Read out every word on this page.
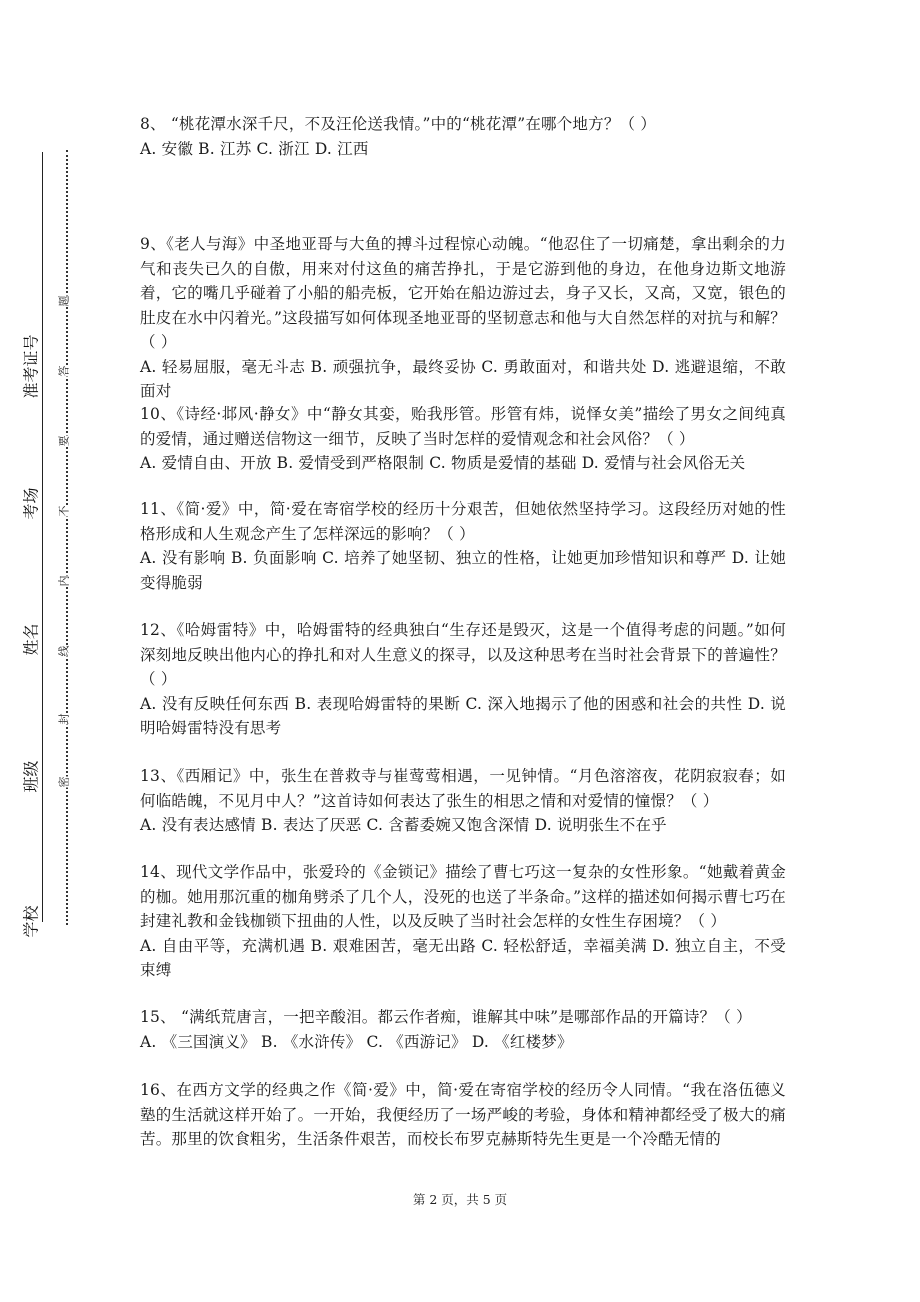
学校
班级
姓名
考场
准考证号
密
封
线
内
不
要
答
题

8、 “桃花潭水深千尺，不及汪伦送我情。”中的“桃花潭”在哪个地方？（ ）

A. 安徽 B. 江苏 C. 浙江 D. 江西

9、《老人与海》中圣地亚哥与大鱼的搏斗过程惊心动魄。“他忍住了一切痛楚，拿出剩余的力气和丧失已久的自傲，用来对付这鱼的痛苦挣扎，于是它游到他的身边，在他身边斯文地游着，它的嘴几乎碰着了小船的船壳板，它开始在船边游过去，身子又长，又高，又宽，银色的肚皮在水中闪着光。”这段描写如何体现圣地亚哥的坚韧意志和他与大自然怎样的对抗与和解？（ ）

A. 轻易屈服，毫无斗志 B. 顽强抗争，最终妥协 C. 勇敢面对，和谐共处 D. 逃避退缩，不敢面对

10、《诗经·邶风·静女》中“静女其娈，贻我彤管。彤管有炜，说怿女美”描绘了男女之间纯真的爱情，通过赠送信物这一细节，反映了当时怎样的爱情观念和社会风俗？（ ）

A. 爱情自由、开放 B. 爱情受到严格限制 C. 物质是爱情的基础 D. 爱情与社会风俗无关

11、《简·爱》中，简·爱在寄宿学校的经历十分艰苦，但她依然坚持学习。这段经历对她的性格形成和人生观念产生了怎样深远的影响？（ ）

A. 没有影响 B. 负面影响 C. 培养了她坚韧、独立的性格，让她更加珍惜知识和尊严 D. 让她变得脆弱

12、《哈姆雷特》中，哈姆雷特的经典独白“生存还是毁灭，这是一个值得考虑的问题。”如何深刻地反映出他内心的挣扎和对人生意义的探寻，以及这种思考在当时社会背景下的普遍性？（ ）

A. 没有反映任何东西 B. 表现哈姆雷特的果断 C. 深入地揭示了他的困惑和社会的共性 D. 说明哈姆雷特没有思考

13、《西厢记》中，张生在普救寺与崔莺莺相遇，一见钟情。“月色溶溶夜，花阴寂寂春；如何临皓魄，不见月中人？”这首诗如何表达了张生的相思之情和对爱情的憧憬？（ ）

A. 没有表达感情 B. 表达了厌恶 C. 含蓄委婉又饱含深情 D. 说明张生不在乎

14、现代文学作品中，张爱玲的《金锁记》描绘了曹七巧这一复杂的女性形象。“她戴着黄金的枷。她用那沉重的枷角劈杀了几个人，没死的也送了半条命。”这样的描述如何揭示曹七巧在封建礼教和金钱枷锁下扭曲的人性，以及反映了当时社会怎样的女性生存困境？（ ）

A. 自由平等，充满机遇 B. 艰难困苦，毫无出路 C. 轻松舒适，幸福美满 D. 独立自主，不受束缚

15、 “满纸荒唐言，一把辛酸泪。都云作者痴，谁解其中味”是哪部作品的开篇诗？（ ）

A. 《三国演义》 B. 《水浒传》 C. 《西游记》 D. 《红楼梦》

16、在西方文学的经典之作《简·爱》中，简·爱在寄宿学校的经历令人同情。“我在洛伍德义塾的生活就这样开始了。一开始，我便经历了一场严峻的考验，身体和精神都经受了极大的痛苦。那里的饮食粗劣，生活条件艰苦，而校长布罗克赫斯特先生更是一个冷酷无情的

第 2 页，共 5 页
